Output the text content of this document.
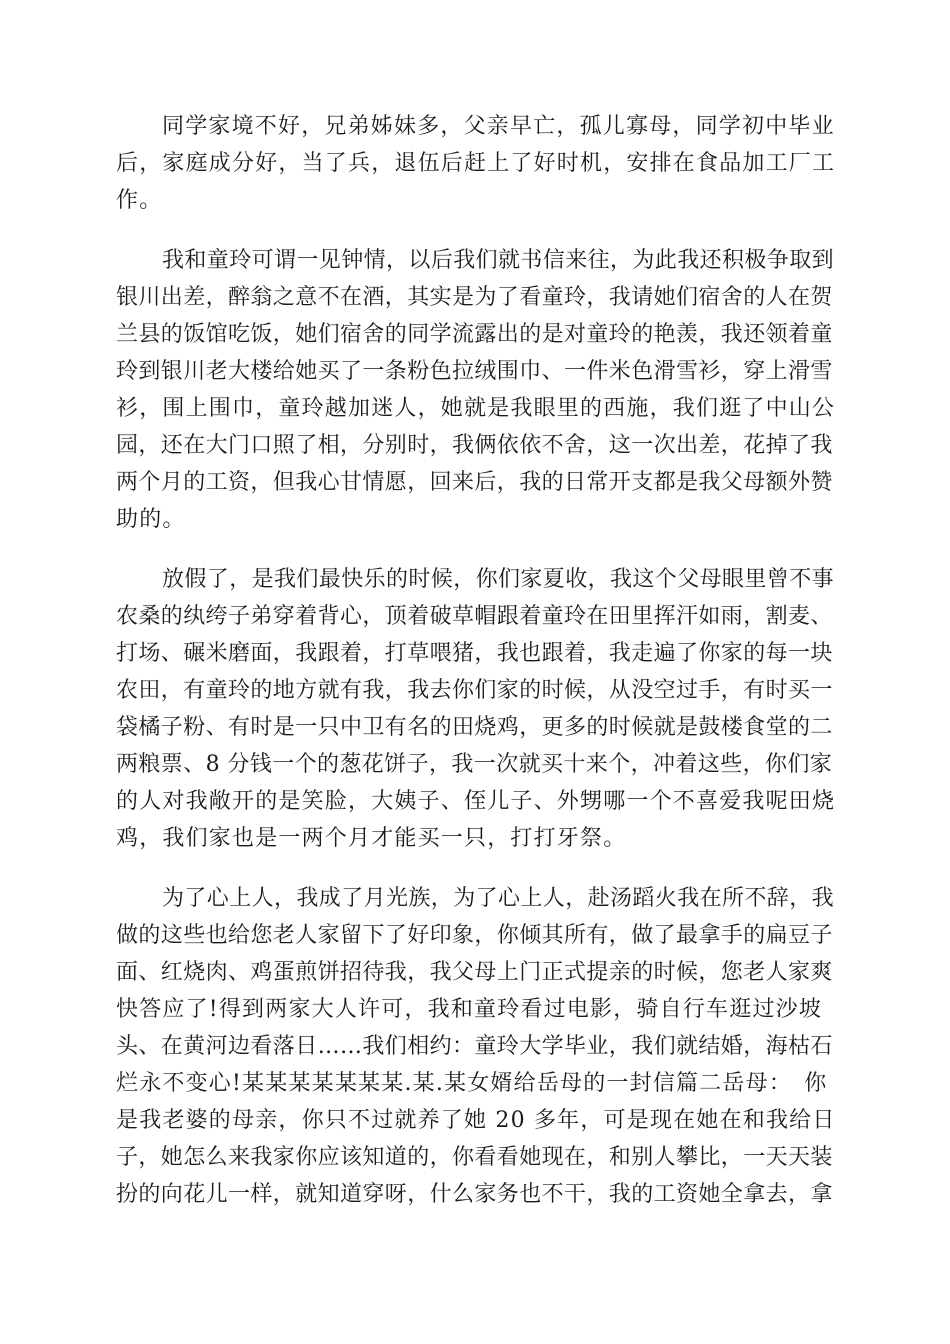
同学家境不好，兄弟姊妹多，父亲早亡，孤儿寡母，同学初中毕业
后，家庭成分好，当了兵，退伍后赶上了好时机，安排在食品加工厂工
作。
我和童玲可谓一见钟情，以后我们就书信来往，为此我还积极争取到
银川出差，醉翁之意不在酒，其实是为了看童玲，我请她们宿舍的人在贺
兰县的饭馆吃饭，她们宿舍的同学流露出的是对童玲的艳羡，我还领着童
玲到银川老大楼给她买了一条粉色拉绒围巾、一件米色滑雪衫，穿上滑雪
衫，围上围巾，童玲越加迷人，她就是我眼里的西施，我们逛了中山公
园，还在大门口照了相，分别时，我俩依依不舍，这一次出差，花掉了我
两个月的工资，但我心甘情愿，回来后，我的日常开支都是我父母额外赞
助的。
放假了，是我们最快乐的时候，你们家夏收，我这个父母眼里曾不事
农桑的纨绔子弟穿着背心，顶着破草帽跟着童玲在田里挥汗如雨，割麦、
打场、碾米磨面，我跟着，打草喂猪，我也跟着，我走遍了你家的每一块
农田，有童玲的地方就有我，我去你们家的时候，从没空过手，有时买一
袋橘子粉、有时是一只中卫有名的田烧鸡，更多的时候就是鼓楼食堂的二
两粮票、8 分钱一个的葱花饼子，我一次就买十来个，冲着这些，你们家
的人对我敞开的是笑脸，大姨子、侄儿子、外甥哪一个不喜爱我呢田烧
鸡，我们家也是一两个月才能买一只，打打牙祭。
为了心上人，我成了月光族，为了心上人，赴汤蹈火我在所不辞，我
做的这些也给您老人家留下了好印象，你倾其所有，做了最拿手的扁豆子
面、红烧肉、鸡蛋煎饼招待我，我父母上门正式提亲的时候，您老人家爽
快答应了!得到两家大人许可，我和童玲看过电影，骑自行车逛过沙坡
头、在黄河边看落日……我们相约：童玲大学毕业，我们就结婚，海枯石
烂永不变心!某某某某某某某.某.某女婿给岳母的一封信篇二岳母：　你
是我老婆的母亲，你只不过就养了她 20 多年，可是现在她在和我给日
子，她怎么来我家你应该知道的，你看看她现在，和别人攀比，一天天装
扮的向花儿一样，就知道穿呀，什么家务也不干，我的工资她全拿去，拿
